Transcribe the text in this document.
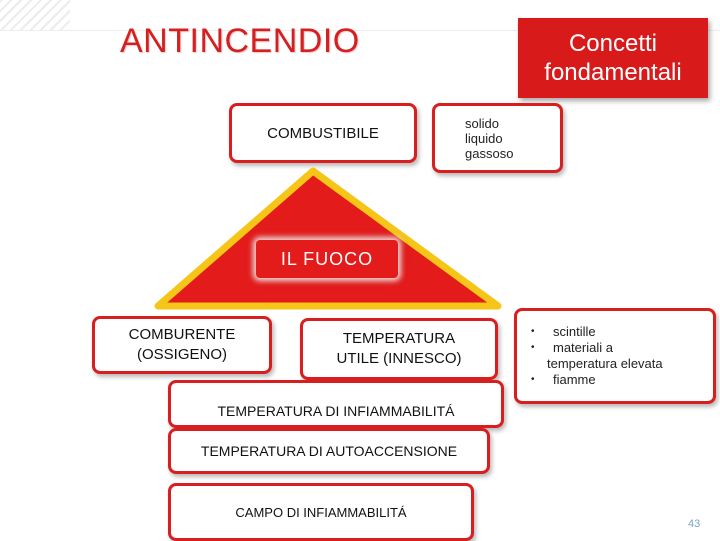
ANTINCENDIO	Concetti
fondamentali
COMBUSTIBILE
solido
liquido
gassoso
IL FUOCO
COMBURENTE
(OSSIGENO)
TEMPERATURA
UTILE (INNESCO)
• scintille
• materiali a
temperatura elevata
• fiamme
TEMPERATURA DI INFIAMMABILITÁ
TEMPERATURA DI AUTOACCENSIONE
CAMPO DI INFIAMMABILITÁ
43
